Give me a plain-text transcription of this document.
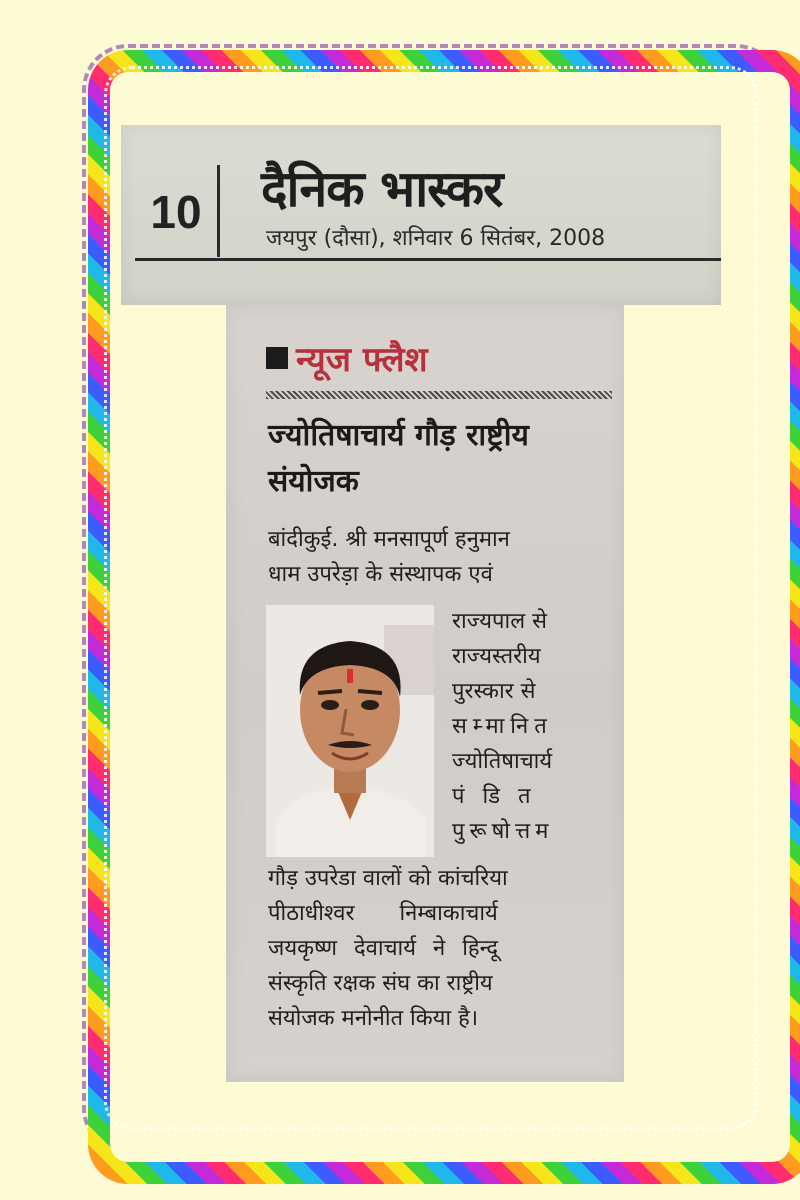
10 दैनिक भास्कर
जयपुर (दौसा), शनिवार 6 सितंबर, 2008
न्यूज फ्लैश
ज्योतिषाचार्य गौड़ राष्ट्रीय संयोजक
बांदीकुई. श्री मनसापूर्ण हनुमान
धाम उपरेड़ा के संस्थापक एवं
राज्यपाल से
राज्यस्तरीय
पुरस्कार से
सम्मानित
ज्योतिषाचार्य
पंडित
पुरूषोत्तम
गौड़ उपरेडा वालों को कांचरिया
पीठाधीश्वर निम्बाकाचार्य
जयकृष्ण देवाचार्य ने हिन्दू
संस्कृति रक्षक संघ का राष्ट्रीय
संयोजक मनोनीत किया है।
